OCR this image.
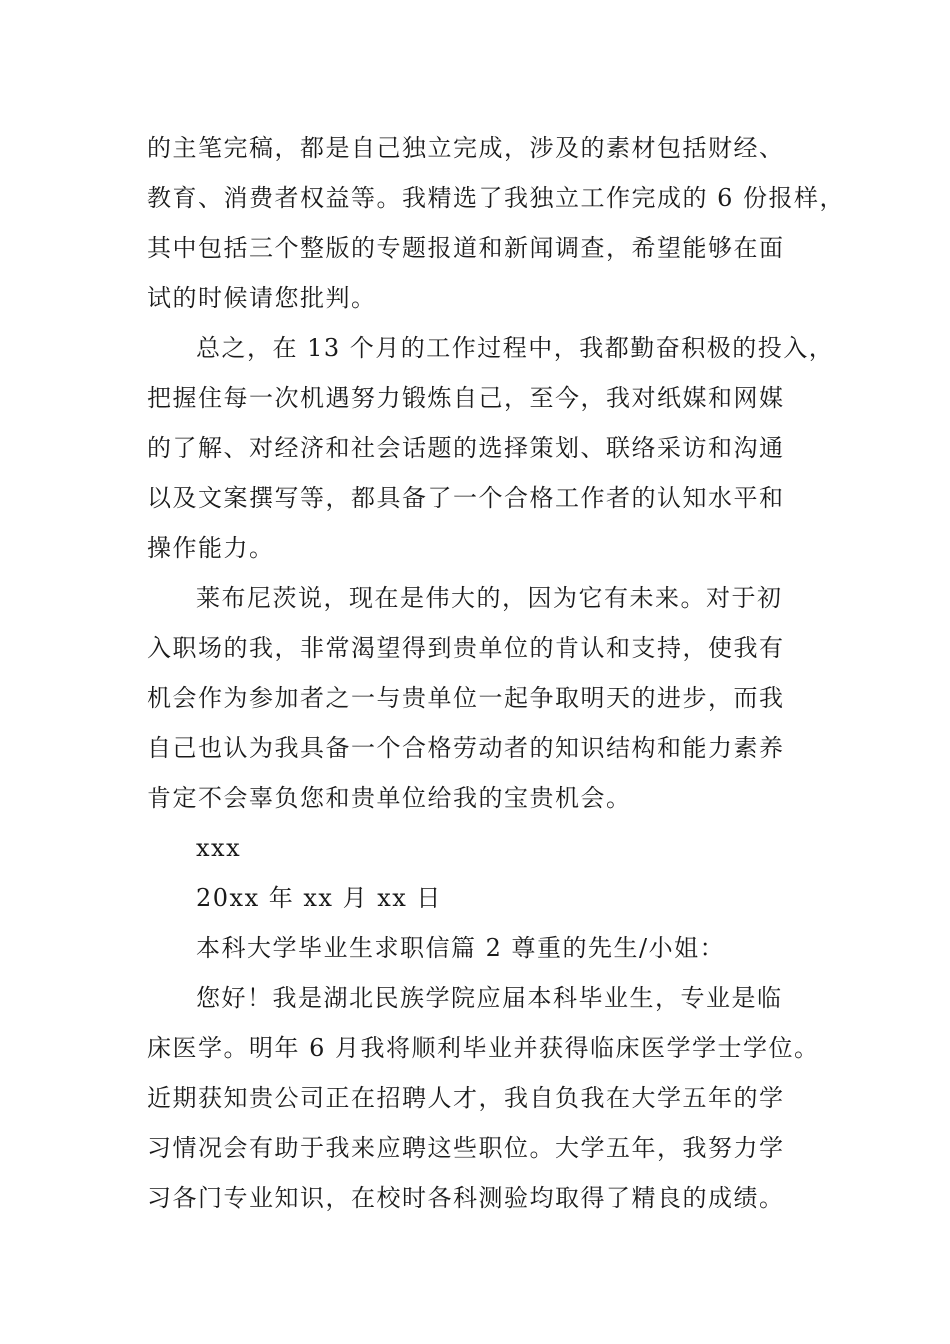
的主笔完稿，都是自己独立完成，涉及的素材包括财经、
教育、消费者权益等。我精选了我独立工作完成的 6 份报样，
其中包括三个整版的专题报道和新闻调查，希望能够在面
试的时候请您批判。
总之，在 13 个月的工作过程中，我都勤奋积极的投入，
把握住每一次机遇努力锻炼自己，至今，我对纸媒和网媒
的了解、对经济和社会话题的选择策划、联络采访和沟通
以及文案撰写等，都具备了一个合格工作者的认知水平和
操作能力。
莱布尼茨说，现在是伟大的，因为它有未来。对于初
入职场的我，非常渴望得到贵单位的肯认和支持，使我有
机会作为参加者之一与贵单位一起争取明天的进步，而我
自己也认为我具备一个合格劳动者的知识结构和能力素养
肯定不会辜负您和贵单位给我的宝贵机会。
xxx
20xx 年 xx 月 xx 日
本科大学毕业生求职信篇 2 尊重的先生/小姐：
您好！我是湖北民族学院应届本科毕业生，专业是临
床医学。明年 6 月我将顺利毕业并获得临床医学学士学位。
近期获知贵公司正在招聘人才，我自负我在大学五年的学
习情况会有助于我来应聘这些职位。大学五年，我努力学
习各门专业知识，在校时各科测验均取得了精良的成绩。
